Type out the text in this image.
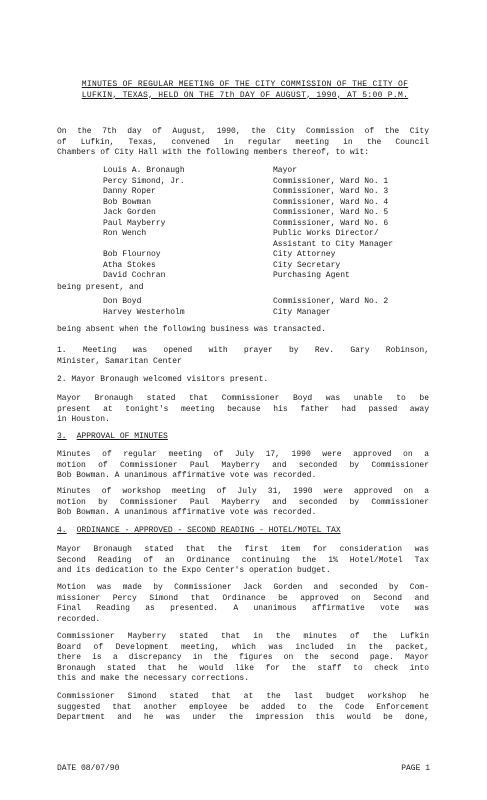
MINUTES OF REGULAR MEETING OF THE CITY COMMISSION OF THE CITY OF
LUFKIN, TEXAS, HELD ON THE 7th DAY OF AUGUST, 1990, AT 5:00 P.M.
On the 7th day of August, 1990, the City Commission of the City
of Lufkin, Texas, convened in regular meeting in the Council
Chambers of City Hall with the following members thereof, to wit:
Louis A. Bronaugh	Mayor
Percy Simond, Jr.	Commissioner, Ward No. 1
Danny Roper	Commissioner, Ward No. 3
Bob Bowman	Commissioner, Ward No. 4
Jack Gorden	Commissioner, Ward No. 5
Paul Mayberry	Commissioner, Ward No. 6
Ron Wench	Public Works Director/
Assistant to City Manager
Bob Flournoy	City Attorney
Atha Stokes	City Secretary
David Cochran	Purchasing Agent
being present, and
Don Boyd	Commissioner, Ward No. 2
Harvey Westerholm	City Manager
being absent when the following business was transacted.
1. Meeting was opened with prayer by Rev. Gary Robinson,
Minister, Samaritan Center
2. Mayor Bronaugh welcomed visitors present.
Mayor Bronaugh stated that Commissioner Boyd was unable to be
present at tonight's meeting because his father had passed away
in Houston.
3. APPROVAL OF MINUTES
Minutes of regular meeting of July 17, 1990 were approved on a
motion of Commissioner Paul Mayberry and seconded by Commissioner
Bob Bowman. A unanimous affirmative vote was recorded.
Minutes of workshop meeting of July 31, 1990 were approved on a
motion by Commissioner Paul Mayberry and seconded by Commissioner
Bob Bowman. A unanimous affirmative vote was recorded.
4. ORDINANCE - APPROVED - SECOND READING - HOTEL/MOTEL TAX
Mayor Bronaugh stated that the first item for consideration was
Second Reading of an Ordinance continuing the 1% Hotel/Motel Tax
and its dedication to the Expo Center's operation budget.
Motion was made by Commissioner Jack Gorden and seconded by Com-
missioner Percy Simond that Ordinance be approved on Second and
Final Reading as presented. A unanimous affirmative vote was
recorded.
Commissioner Mayberry stated that in the minutes of the Lufkin
Board of Development meeting, which was included in the packet,
there is a discrepancy in the figures on the second page. Mayor
Bronaugh stated that he would like for the staff to check into
this and make the necessary corrections.
Commissioner Simond stated that at the last budget workshop he
suggested that another employee be added to the Code Enforcement
Department and he was under the impression this would be done,
DATE 08/07/90	PAGE 1
